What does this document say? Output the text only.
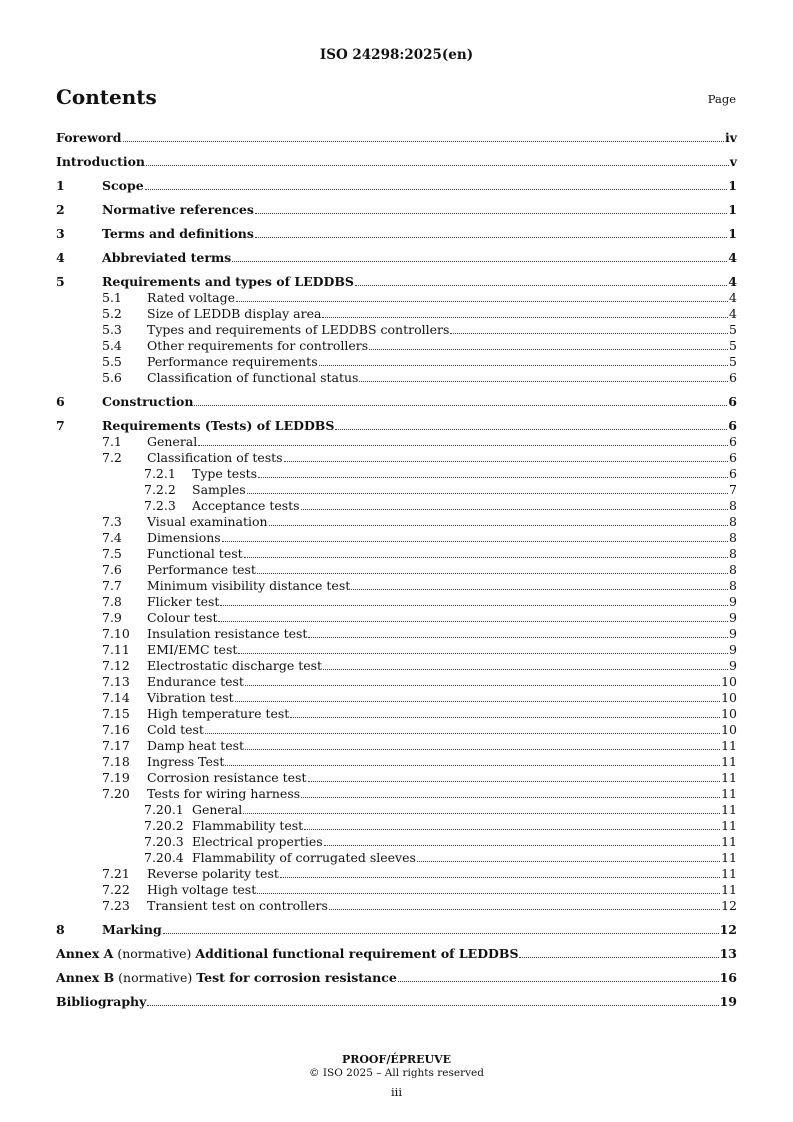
ISO 24298:2025(en)
Contents	Page
Foreword	iv
Introduction	v
1	Scope	1
2	Normative references	1
3	Terms and definitions	1
4	Abbreviated terms	4
5	Requirements and types of LEDDBS	4
5.1 Rated voltage	4
5.2 Size of LEDDB display area	4
5.3 Types and requirements of LEDDBS controllers	5
5.4 Other requirements for controllers	5
5.5 Performance requirements	5
5.6 Classification of functional status	6
6	Construction	6
7	Requirements (Tests) of LEDDBS	6
7.1 General	6
7.2 Classification of tests	6
7.2.1 Type tests	6
7.2.2 Samples	7
7.2.3 Acceptance tests	8
7.3 Visual examination	8
7.4 Dimensions	8
7.5 Functional test	8
7.6 Performance test	8
7.7 Minimum visibility distance test	8
7.8 Flicker test	9
7.9 Colour test	9
7.10 Insulation resistance test	9
7.11 EMI/EMC test	9
7.12 Electrostatic discharge test	9
7.13 Endurance test	10
7.14 Vibration test	10
7.15 High temperature test	10
7.16 Cold test	10
7.17 Damp heat test	11
7.18 Ingress Test	11
7.19 Corrosion resistance test	11
7.20 Tests for wiring harness	11
7.20.1 General	11
7.20.2 Flammability test	11
7.20.3 Electrical properties	11
7.20.4 Flammability of corrugated sleeves	11
7.21 Reverse polarity test	11
7.22 High voltage test	11
7.23 Transient test on controllers	12
8	Marking	12
Annex A (normative) Additional functional requirement of LEDDBS	13
Annex B (normative) Test for corrosion resistance	16
Bibliography	19
PROOF/ÉPREUVE
© ISO 2025 – All rights reserved
iii
